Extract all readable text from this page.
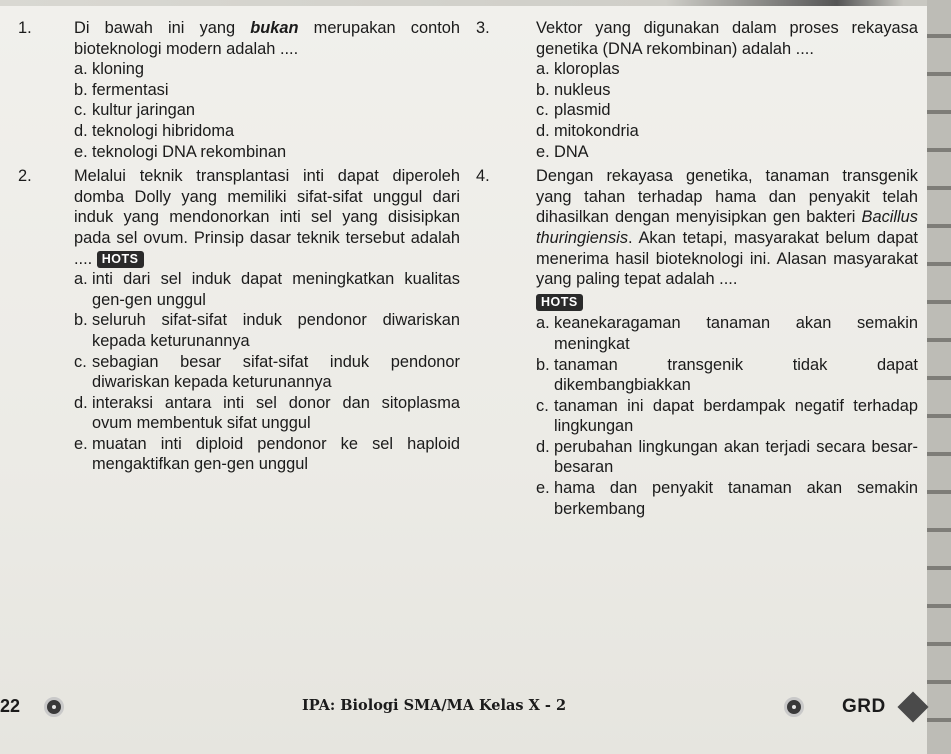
1.	Di bawah ini yang bukan merupakan contoh bioteknologi modern adalah ....
a. kloning
b. fermentasi
c. kultur jaringan
d. teknologi hibridoma
e. teknologi DNA rekombinan
2.	Melalui teknik transplantasi inti dapat diperoleh domba Dolly yang memiliki sifat-sifat unggul dari induk yang mendonorkan inti sel yang disisipkan pada sel ovum. Prinsip dasar teknik tersebut adalah .... HOTS
a. inti dari sel induk dapat meningkatkan kualitas gen-gen unggul
b. seluruh sifat-sifat induk pendonor diwariskan kepada keturunannya
c. sebagian besar sifat-sifat induk pendonor diwariskan kepada keturunannya
d. interaksi antara inti sel donor dan sitoplasma ovum membentuk sifat unggul
e. muatan inti diploid pendonor ke sel haploid mengaktifkan gen-gen unggul
3.	Vektor yang digunakan dalam proses rekayasa genetika (DNA rekombinan) adalah ....
a. kloroplas
b. nukleus
c. plasmid
d. mitokondria
e. DNA
4.	Dengan rekayasa genetika, tanaman transgenik yang tahan terhadap hama dan penyakit telah dihasilkan dengan menyisipkan gen bakteri Bacillus thuringiensis. Akan tetapi, masyarakat belum dapat menerima hasil bioteknologi ini. Alasan masyarakat yang paling tepat adalah ....
HOTS
a. keanekaragaman tanaman akan semakin meningkat
b. tanaman transgenik tidak dapat dikembangbiakkan
c. tanaman ini dapat berdampak negatif terhadap lingkungan
d. perubahan lingkungan akan terjadi secara besar-besaran
e. hama dan penyakit tanaman akan semakin berkembang
22	IPA: Biologi SMA/MA Kelas X - 2	GRD
